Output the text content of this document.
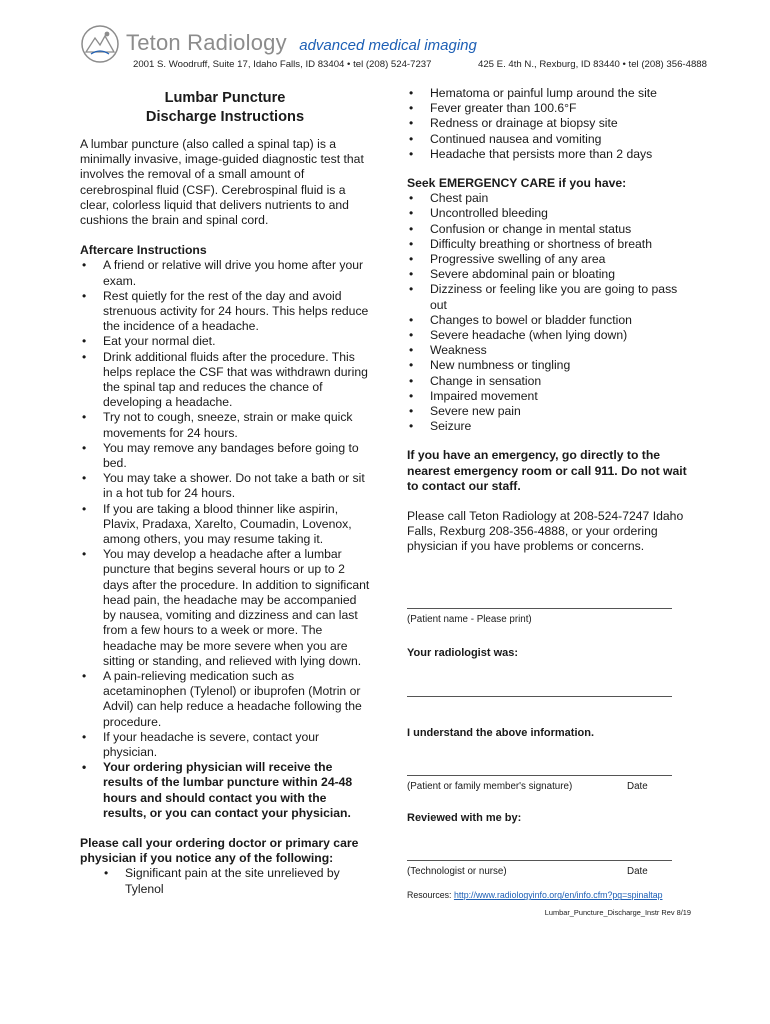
Teton Radiology advanced medical imaging
2001 S. Woodruff, Suite 17, Idaho Falls, ID 83404 • tel (208) 524-7237	425 E. 4th N., Rexburg, ID 83440 • tel (208) 356-4888
Lumbar Puncture
Discharge Instructions

A lumbar puncture (also called a spinal tap) is a minimally invasive, image-guided diagnostic test that involves the removal of a small amount of cerebrospinal fluid (CSF). Cerebrospinal fluid is a clear, colorless liquid that delivers nutrients to and cushions the brain and spinal cord.

Aftercare Instructions

• A friend or relative will drive you home after your exam.
• Rest quietly for the rest of the day and avoid strenuous activity for 24 hours. This helps reduce the incidence of a headache.
• Eat your normal diet.
• Drink additional fluids after the procedure. This helps replace the CSF that was withdrawn during the spinal tap and reduces the chance of developing a headache.
• Try not to cough, sneeze, strain or make quick movements for 24 hours.
• You may remove any bandages before going to bed.
• You may take a shower. Do not take a bath or sit in a hot tub for 24 hours.
• If you are taking a blood thinner like aspirin, Plavix, Pradaxa, Xarelto, Coumadin, Lovenox, among others, you may resume taking it.
• You may develop a headache after a lumbar puncture that begins several hours or up to 2 days after the procedure. In addition to significant head pain, the headache may be accompanied by nausea, vomiting and dizziness and can last from a few hours to a week or more. The headache may be more severe when you are sitting or standing, and relieved with lying down.
• A pain-relieving medication such as acetaminophen (Tylenol) or ibuprofen (Motrin or Advil) can help reduce a headache following the procedure.
• If your headache is severe, contact your physician.
• Your ordering physician will receive the results of the lumbar puncture within 24-48 hours and should contact you with the results, or you can contact your physician.

Please call your ordering doctor or primary care physician if you notice any of the following:

• Significant pain at the site unrelieved by Tylenol
• Hematoma or painful lump around the site
• Fever greater than 100.6°F
• Redness or drainage at biopsy site
• Continued nausea and vomiting
• Headache that persists more than 2 days

Seek EMERGENCY CARE if you have:

• Chest pain
• Uncontrolled bleeding
• Confusion or change in mental status
• Difficulty breathing or shortness of breath
• Progressive swelling of any area
• Severe abdominal pain or bloating
• Dizziness or feeling like you are going to pass out
• Changes to bowel or bladder function
• Severe headache (when lying down)
• Weakness
• New numbness or tingling
• Change in sensation
• Impaired movement
• Severe new pain
• Seizure

If you have an emergency, go directly to the nearest emergency room or call 911. Do not wait to contact our staff.

Please call Teton Radiology at 208-524-7247 Idaho Falls, Rexburg 208-356-4888, or your ordering physician if you have problems or concerns.

(Patient name - Please print)
Your radiologist was:
I understand the above information.
(Patient or family member's signature)	Date
Reviewed with me by:
(Technologist or nurse)	Date
Resources: http://www.radiologyinfo.org/en/info.cfm?pg=spinaltap
Lumbar_Puncture_Discharge_Instr Rev 8/19
